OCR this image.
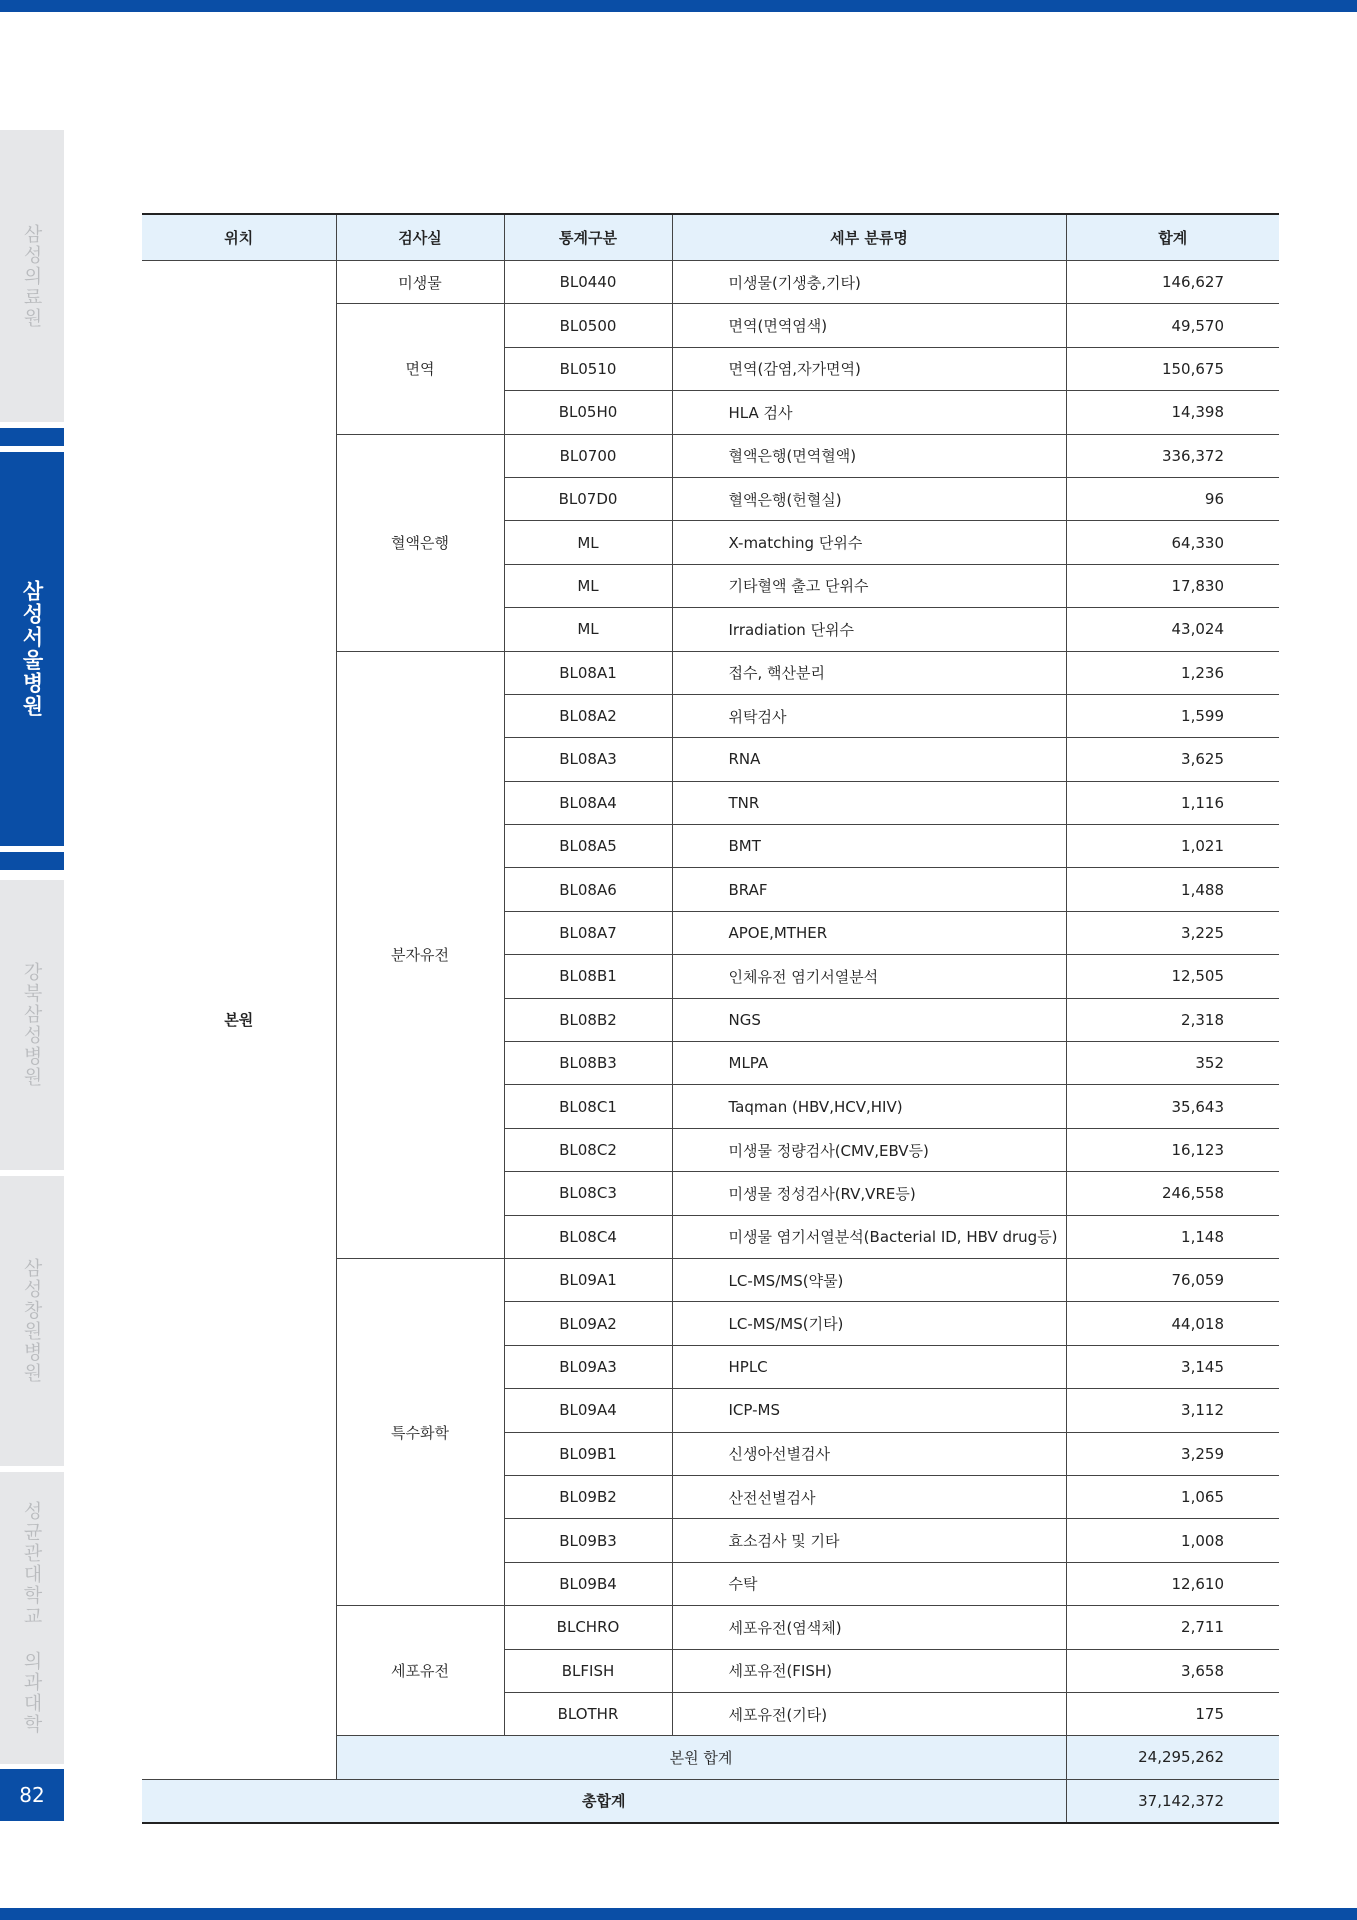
삼성의료원
삼성서울병원
강북삼성병원
삼성창원병원
성균관대학교 의과대학
82
위치	검사실	통계구분	세부 분류명	합계
본원	미생물	BL0440	미생물(기생충,기타)	146,627
	면역	BL0500	면역(면역염색)	49,570
		BL0510	면역(감염,자가면역)	150,675
		BL05H0	HLA 검사	14,398
	혈액은행	BL0700	혈액은행(면역혈액)	336,372
		BL07D0	혈액은행(헌혈실)	96
		ML	X-matching 단위수	64,330
		ML	기타혈액 출고 단위수	17,830
		ML	Irradiation 단위수	43,024
	분자유전	BL08A1	접수, 핵산분리	1,236
		BL08A2	위탁검사	1,599
		BL08A3	RNA	3,625
		BL08A4	TNR	1,116
		BL08A5	BMT	1,021
		BL08A6	BRAF	1,488
		BL08A7	APOE,MTHER	3,225
		BL08B1	인체유전 염기서열분석	12,505
		BL08B2	NGS	2,318
		BL08B3	MLPA	352
		BL08C1	Taqman (HBV,HCV,HIV)	35,643
		BL08C2	미생물 정량검사(CMV,EBV등)	16,123
		BL08C3	미생물 정성검사(RV,VRE등)	246,558
		BL08C4	미생물 염기서열분석(Bacterial ID, HBV drug등)	1,148
	특수화학	BL09A1	LC-MS/MS(약물)	76,059
		BL09A2	LC-MS/MS(기타)	44,018
		BL09A3	HPLC	3,145
		BL09A4	ICP-MS	3,112
		BL09B1	신생아선별검사	3,259
		BL09B2	산전선별검사	1,065
		BL09B3	효소검사 및 기타	1,008
		BL09B4	수탁	12,610
	세포유전	BLCHRO	세포유전(염색체)	2,711
		BLFISH	세포유전(FISH)	3,658
		BLOTHR	세포유전(기타)	175
	본원 합계			24,295,262
총합계				37,142,372
